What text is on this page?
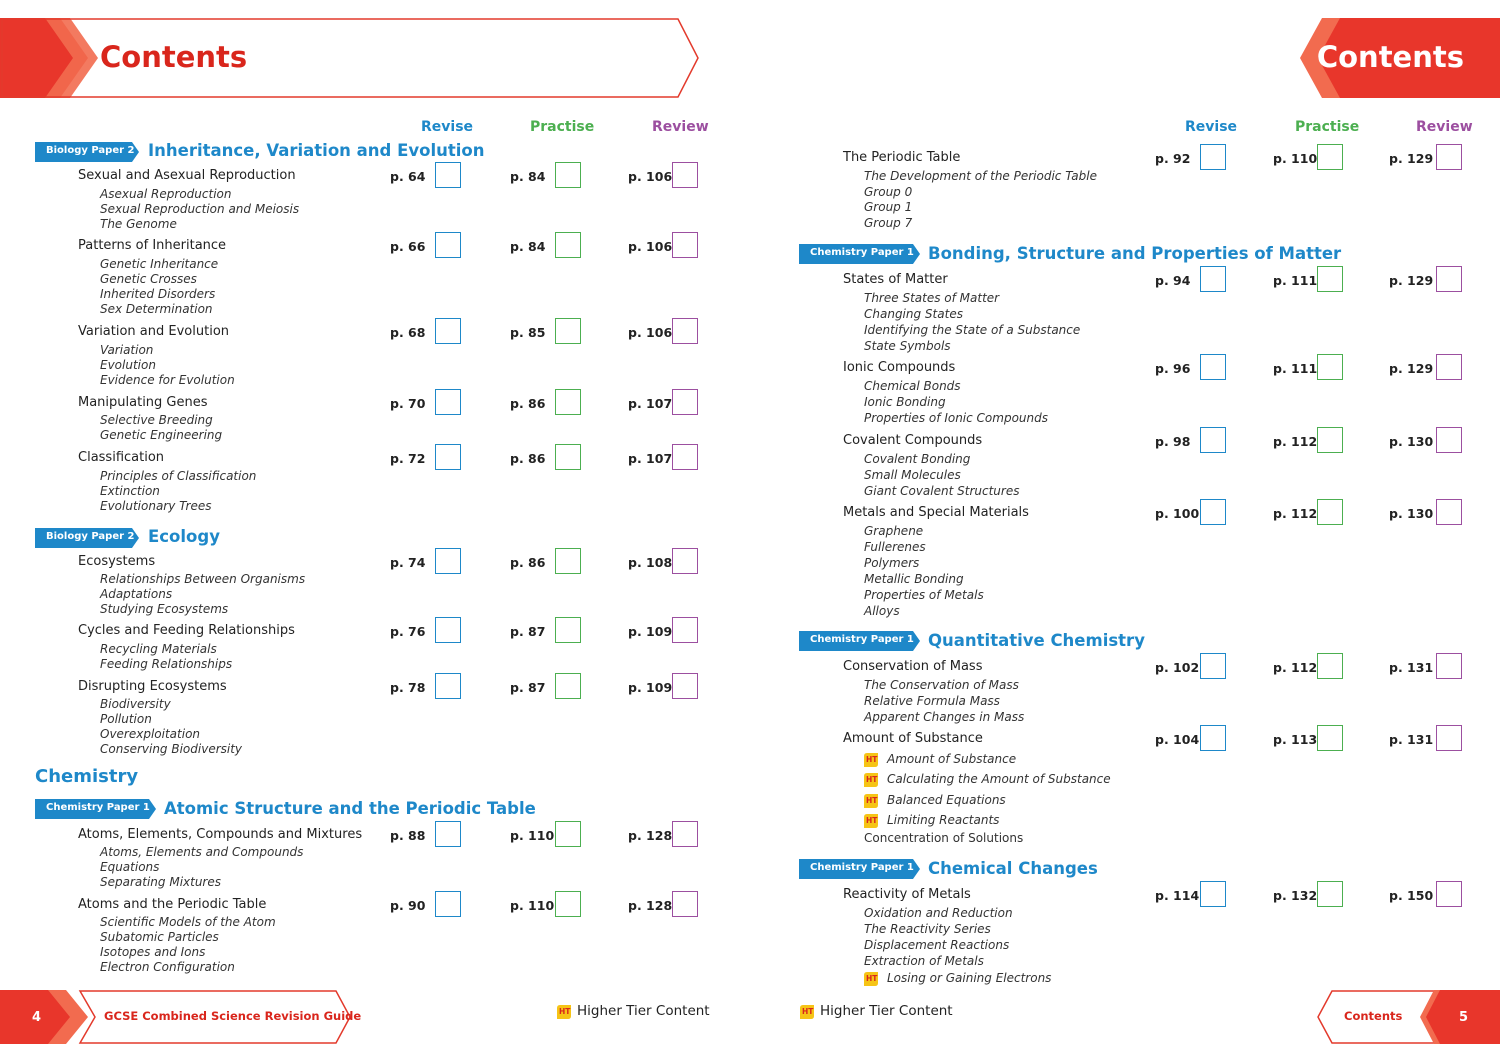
Contents
Revise	Practise	Review
Biology Paper 2 Inheritance, Variation and Evolution
Biology Paper 2 Ecology
Chemistry
Chemistry Paper 1 Atomic Structure and the Periodic Table
Sexual and Asexual Reproduction	p. 64	p. 84	p. 106
Asexual Reproduction
Sexual Reproduction and Meiosis
The Genome
Patterns of Inheritance	p. 66	p. 84	p. 106
Genetic Inheritance
Genetic Crosses
Inherited Disorders
Sex Determination
Variation and Evolution	p. 68	p. 85	p. 106
Variation
Evolution
Evidence for Evolution
Manipulating Genes	p. 70	p. 86	p. 107
Selective Breeding
Genetic Engineering
Classification	p. 72	p. 86	p. 107
Principles of Classification
Extinction
Evolutionary Trees
Ecosystems	p. 74	p. 86	p. 108
Relationships Between Organisms
Adaptations
Studying Ecosystems
Cycles and Feeding Relationships	p. 76	p. 87	p. 109
Recycling Materials
Feeding Relationships
Disrupting Ecosystems	p. 78	p. 87	p. 109
Biodiversity
Pollution
Overexploitation
Conserving Biodiversity
Atoms, Elements, Compounds and Mixtures p. 88	p. 110	p. 128
Atoms, Elements and Compounds
Equations
Separating Mixtures
Atoms and the Periodic Table	p. 90	p. 110	p. 128
Scientific Models of the Atom
Subatomic Particles
Isotopes and Ions
Electron Configuration
4	GCSE Combined Science Revision Guide	HT Higher Tier Content
Contents
Revise	Practise	Review
Chemistry Paper 1 Bonding, Structure and Properties of Matter
Chemistry Paper 1 Quantitative Chemistry
Chemistry Paper 1 Chemical Changes
The Periodic Table	p. 92	p. 110	p. 129
The Development of the Periodic Table
Group 0
Group 1
Group 7
States of Matter	p. 94	p. 111	p. 129
Three States of Matter
Changing States
Identifying the State of a Substance
State Symbols
Ionic Compounds	p. 96	p. 111	p. 129
Chemical Bonds
Ionic Bonding
Properties of Ionic Compounds
Covalent Compounds	p. 98	p. 112	p. 130
Covalent Bonding
Small Molecules
Giant Covalent Structures
Metals and Special Materials	p. 100	p. 112	p. 130
Graphene
Fullerenes
Polymers
Metallic Bonding
Properties of Metals
Alloys
Conservation of Mass	p. 102	p. 112	p. 131
The Conservation of Mass
Relative Formula Mass
Apparent Changes in Mass
Amount of Substance	p. 104	p. 113	p. 131
HT Amount of Substance
HT Calculating the Amount of Substance
HT Balanced Equations
HT Limiting Reactants
Concentration of Solutions
Reactivity of Metals	p. 114	p. 132	p. 150
Oxidation and Reduction
The Reactivity Series
Displacement Reactions
Extraction of Metals
HT Losing or Gaining Electrons
HT Higher Tier Content	Contents	5
